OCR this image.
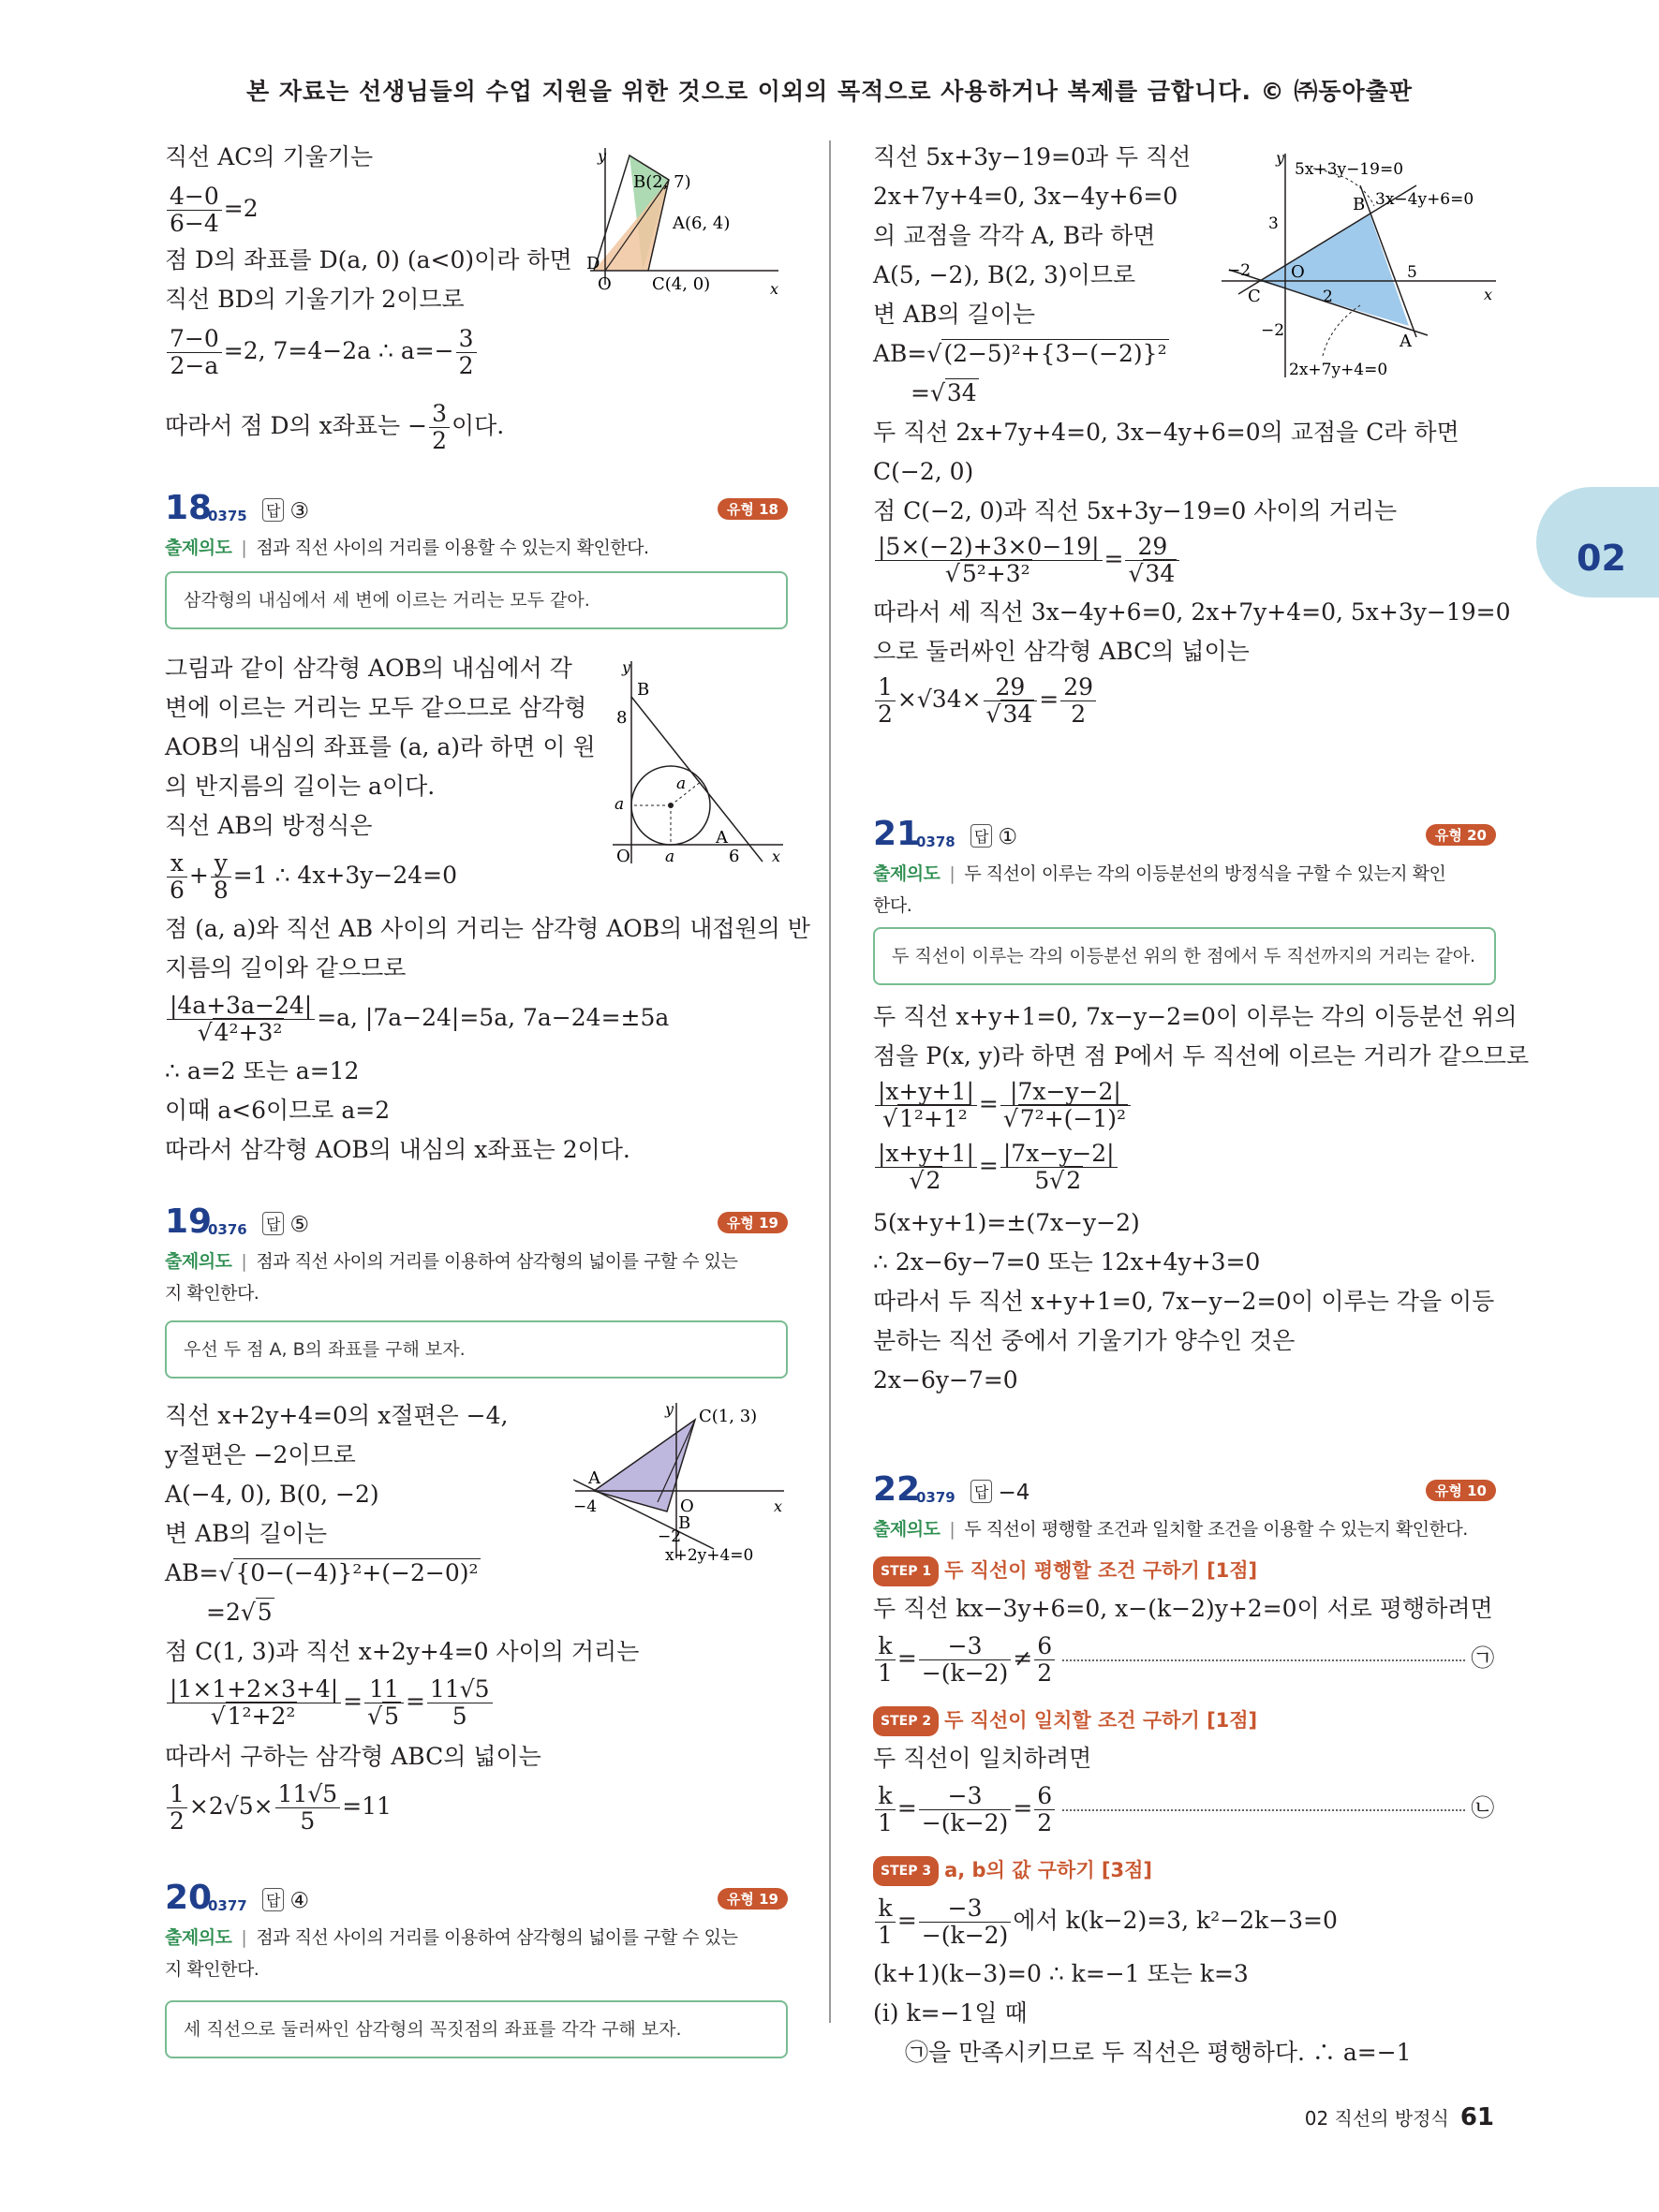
본 자료는 선생님들의 수업 지원을 위한 것으로 이외의 목적으로 사용하거나 복제를 금합니다. © ㈜동아출판
02
직선 AC의 기울기는
$\frac{4-0}{6-4} =2$
점 D의 좌표를 D(a, 0) (a<0)이라 하면
직선 BD의 기울기가 2이므로
$\frac{7-0}{2-a} =2$, 7=4−2a ∴ $a=- \frac{3}{2}$
따라서 점 D의 x좌표는 − $\frac{3}{2}$ 이다.
y
x
B(2, 7)
A(6, 4)
D
O C(4, 0)
18
0375 답 ③	유형 18
출제의도 | 점과 직선 사이의 거리를 이용할 수 있는지 확인한다.
삼각형의 내심에서 세 변에 이르는 거리는 모두 같아.
그림과 같이 삼각형 AOB의 내심에서 각
변에 이르는 거리는 모두 같으므로 삼각형
AOB의 내심의 좌표를 (a, a)라 하면 이 원
의 반지름의 길이는 a이다.
직선 AB의 방정식은
$\frac{x}{6} + \frac{y}{8} =1$ ∴ 4x+3y−24=0
점 (a, a)와 직선 AB 사이의 거리는 삼각형 AOB의 내접원의 반
지름의 길이와 같으므로
$\frac{|4a+3a-24|}{\text{√4²+3²}} =a$, |7a−24|=5a, 7a−24=±5a
∴ a=2 또는 a=12
이때 a<6이므로 a=2
따라서 삼각형 AOB의 내심의 x좌표는 2이다.
y
x
B
8
A
6
O
a
a
a
19
0376 답 ⑤	유형 19
출제의도 | 점과 직선 사이의 거리를 이용하여 삼각형의 넓이를 구할 수 있는
지 확인한다.
우선 두 점 A, B의 좌표를 구해 보자.
직선 x+2y+4=0의 x절편은 −4,
y절편은 −2이므로
A(−4, 0), B(0, −2)
변 AB의 길이는
AB=√{0−(−4)}²+(−2−0)²
=2√5
점 C(1, 3)과 직선 x+2y+4=0 사이의 거리는
$\frac{|1\times 1+2\times 3+4|}{\text{√1²+2²}} = \frac{11}{√5} = \frac{11√5}{5}$
따라서 구하는 삼각형 ABC의 넓이는
$\frac{1}{2} \times 2√5\times \frac{11√5}{5} =11$
y
x
C(1, 3)
A
−4	O
B
−2
x+2y+4=0
20
0377 답 ④	유형 19
출제의도 | 점과 직선 사이의 거리를 이용하여 삼각형의 넓이를 구할 수 있는
지 확인한다.
세 직선으로 둘러싸인 삼각형의 꼭짓점의 좌표를 각각 구해 보자.
직선 5x+3y−19=0과 두 직선
2x+7y+4=0, 3x−4y+6=0
의 교점을 각각 A, B라 하면
A(5, −2), B(2, 3)이므로
변 AB의 길이는
AB=√(2−5)²+{3−(−2)}²
=√34
두 직선 2x+7y+4=0, 3x−4y+6=0의 교점을 C라 하면
C(−2, 0)
점 C(−2, 0)과 직선 5x+3y−19=0 사이의 거리는
$\frac{|5\times(-2)+3\times 0-19|}{\text{√5²+3²}} = \frac{29}{√34}$
따라서 세 직선 3x−4y+6=0, 2x+7y+4=0, 5x+3y−19=0
으로 둘러싸인 삼각형 ABC의 넓이는
$\frac{1}{2} \times√34\times \frac{29}{√34} = \frac{29}{2}$
y
x
5x+3y−19=0
3x−4y+6=0
2x+7y+4=0
B
3
−2 O	5
C	2
−2
A
21
0378 답 ①	유형 20
출제의도 | 두 직선이 이루는 각의 이등분선의 방정식을 구할 수 있는지 확인
한다.
두 직선이 이루는 각의 이등분선 위의 한 점에서 두 직선까지의 거리는 같아.
두 직선 x+y+1=0, 7x−y−2=0이 이루는 각의 이등분선 위의
점을 P(x, y)라 하면 점 P에서 두 직선에 이르는 거리가 같으므로
$\frac{|x+y+1|}{\text{√1²+1²}} = \frac{|7x-y-2|}{\text{√7²+(−1)²}}$
$\frac{|x+y+1|}{√2} = \frac{|7x-y-2|}{5√2}$
5(x+y+1)=±(7x−y−2)
∴ 2x−6y−7=0 또는 12x+4y+3=0
따라서 두 직선 x+y+1=0, 7x−y−2=0이 이루는 각을 이등
분하는 직선 중에서 기울기가 양수인 것은
2x−6y−7=0
22
0379 답 −4	유형 10
출제의도 | 두 직선이 평행할 조건과 일치할 조건을 이용할 수 있는지 확인한다.
STEP 1 두 직선이 평행할 조건 구하기 [1점]
두 직선 kx−3y+6=0, x−(k−2)y+2=0이 서로 평행하려면
$\frac{k}{1} = \frac{-3}{-(k-2)} \ne \frac{6}{2}$	㉠
STEP 2 두 직선이 일치할 조건 구하기 [1점]
두 직선이 일치하려면
$\frac{k}{1} = \frac{-3}{-(k-2)} = \frac{6}{2}$	㉡
STEP 3 a, b의 값 구하기 [3점]
$\frac{k}{1} = \frac{-3}{-(k-2)}$ 에서 k(k−2)=3, k²−2k−3=0
(k+1)(k−3)=0 ∴ k=−1 또는 k=3
(i) k=−1일 때
㉠을 만족시키므로 두 직선은 평행하다. ∴ a=−1
02 직선의 방정식 61
